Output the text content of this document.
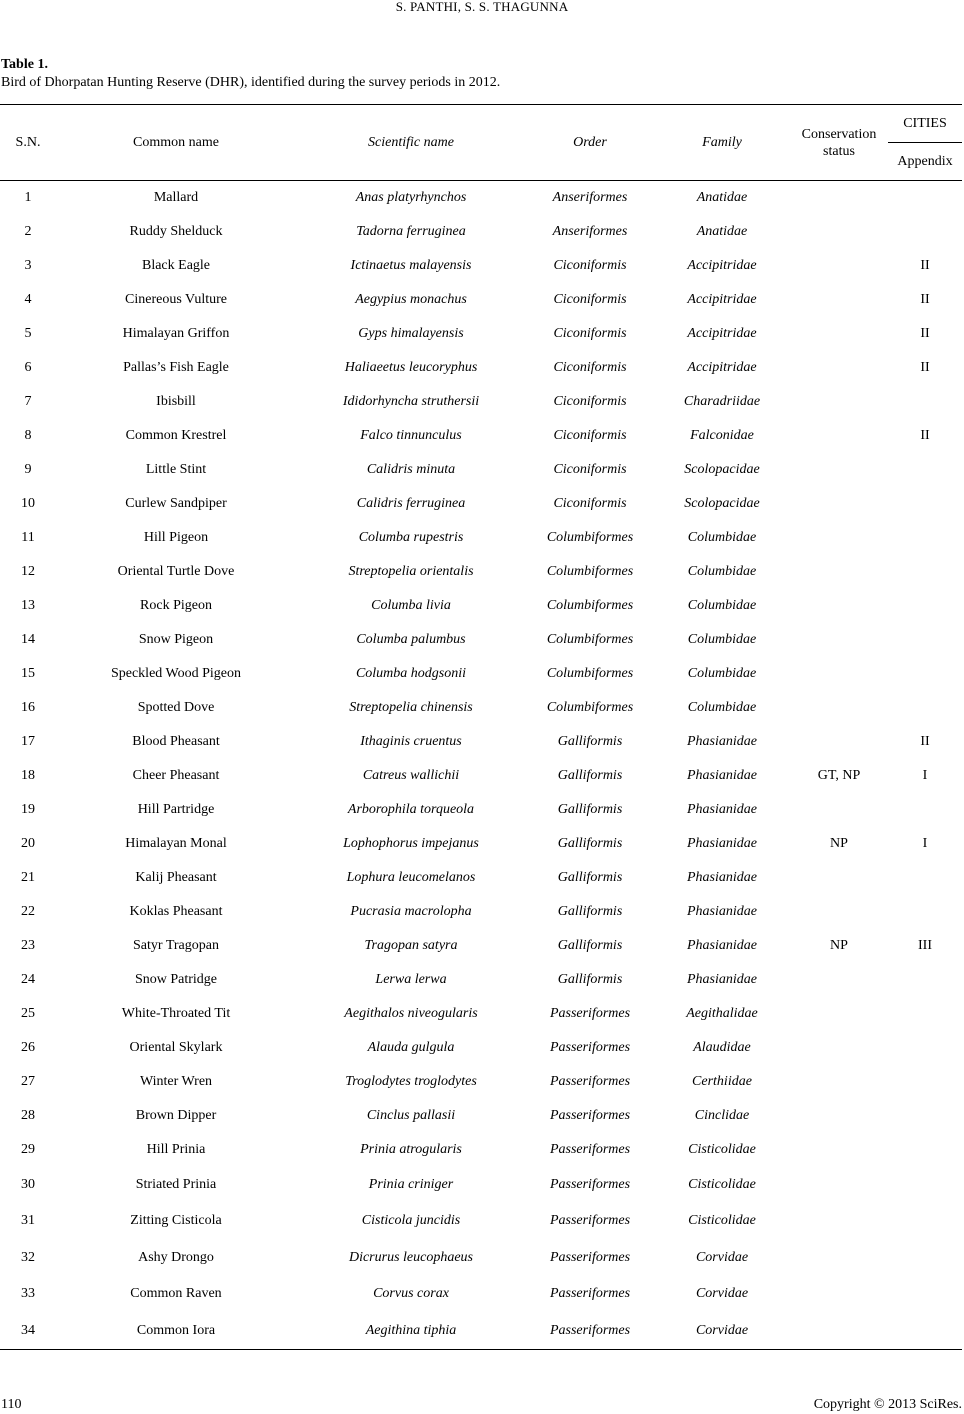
S. PANTHI, S. S. THAGUNNA
Table 1.
Bird of Dhorpatan Hunting Reserve (DHR), identified during the survey periods in 2012.
S.N.	Common name	Scientific name	Order	Family	Conservation status	CITIES
						Appendix
1	Mallard	Anas platyrhynchos	Anseriformes	Anatidae		
2	Ruddy Shelduck	Tadorna ferruginea	Anseriformes	Anatidae		
3	Black Eagle	Ictinaetus malayensis	Ciconiformis	Accipitridae		II
4	Cinereous Vulture	Aegypius monachus	Ciconiformis	Accipitridae		II
5	Himalayan Griffon	Gyps himalayensis	Ciconiformis	Accipitridae		II
6	Pallas’s Fish Eagle	Haliaeetus leucoryphus	Ciconiformis	Accipitridae		II
7	Ibisbill	Ididorhyncha struthersii	Ciconiformis	Charadriidae		
8	Common Krestrel	Falco tinnunculus	Ciconiformis	Falconidae		II
9	Little Stint	Calidris minuta	Ciconiformis	Scolopacidae		
10	Curlew Sandpiper	Calidris ferruginea	Ciconiformis	Scolopacidae		
11	Hill Pigeon	Columba rupestris	Columbiformes	Columbidae		
12	Oriental Turtle Dove	Streptopelia orientalis	Columbiformes	Columbidae		
13	Rock Pigeon	Columba livia	Columbiformes	Columbidae		
14	Snow Pigeon	Columba palumbus	Columbiformes	Columbidae		
15	Speckled Wood Pigeon	Columba hodgsonii	Columbiformes	Columbidae		
16	Spotted Dove	Streptopelia chinensis	Columbiformes	Columbidae		
17	Blood Pheasant	Ithaginis cruentus	Galliformis	Phasianidae		II
18	Cheer Pheasant	Catreus wallichii	Galliformis	Phasianidae	GT, NP	I
19	Hill Partridge	Arborophila torqueola	Galliformis	Phasianidae		
20	Himalayan Monal	Lophophorus impejanus	Galliformis	Phasianidae	NP	I
21	Kalij Pheasant	Lophura leucomelanos	Galliformis	Phasianidae		
22	Koklas Pheasant	Pucrasia macrolopha	Galliformis	Phasianidae		
23	Satyr Tragopan	Tragopan satyra	Galliformis	Phasianidae	NP	III
24	Snow Patridge	Lerwa lerwa	Galliformis	Phasianidae		
25	White-Throated Tit	Aegithalos niveogularis	Passeriformes	Aegithalidae		
26	Oriental Skylark	Alauda gulgula	Passeriformes	Alaudidae		
27	Winter Wren	Troglodytes troglodytes	Passeriformes	Certhiidae		
28	Brown Dipper	Cinclus pallasii	Passeriformes	Cinclidae		
29	Hill Prinia	Prinia atrogularis	Passeriformes	Cisticolidae		
30	Striated Prinia	Prinia criniger	Passeriformes	Cisticolidae		
31	Zitting Cisticola	Cisticola juncidis	Passeriformes	Cisticolidae		
32	Ashy Drongo	Dicrurus leucophaeus	Passeriformes	Corvidae		
33	Common Raven	Corvus corax	Passeriformes	Corvidae		
34	Common Iora	Aegithina tiphia	Passeriformes	Corvidae		
110	Copyright © 2013 SciRes.
